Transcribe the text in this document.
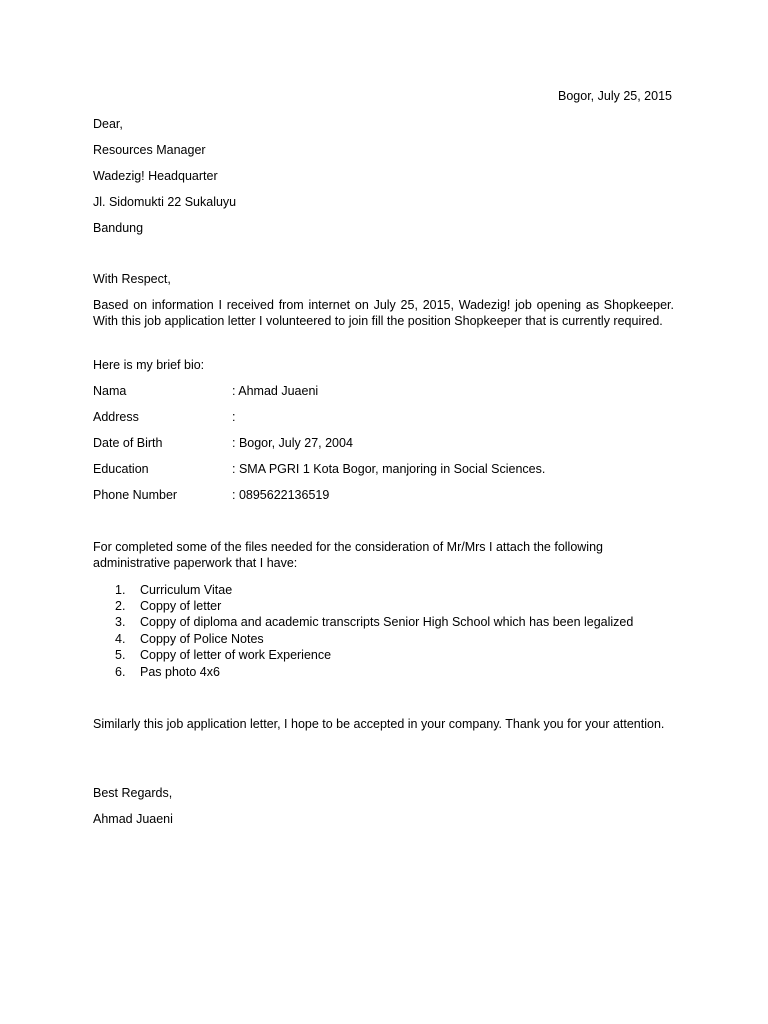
Bogor, July 25, 2015
Dear,
Resources Manager
Wadezig! Headquarter
Jl. Sidomukti 22 Sukaluyu
Bandung
With Respect,
Based on information I received from internet on July 25, 2015, Wadezig! job opening as Shopkeeper. With this job application letter I volunteered to join fill the position Shopkeeper that is currently required.
Here is my brief bio:
Nama	: Ahmad Juaeni
Address	:
Date of Birth	: Bogor, July 27, 2004
Education	: SMA PGRI 1 Kota Bogor, manjoring in Social Sciences.
Phone Number	: 0895622136519
For completed some of the files needed for the consideration of Mr/Mrs I attach the following administrative paperwork that I have:
1. Curriculum Vitae
2. Coppy of letter
3. Coppy of diploma and academic transcripts Senior High School which has been legalized
4. Coppy of Police Notes
5. Coppy of letter of work Experience
6. Pas photo 4x6
Similarly this job application letter, I hope to be accepted in your company. Thank you for your attention.
Best Regards,
Ahmad Juaeni
